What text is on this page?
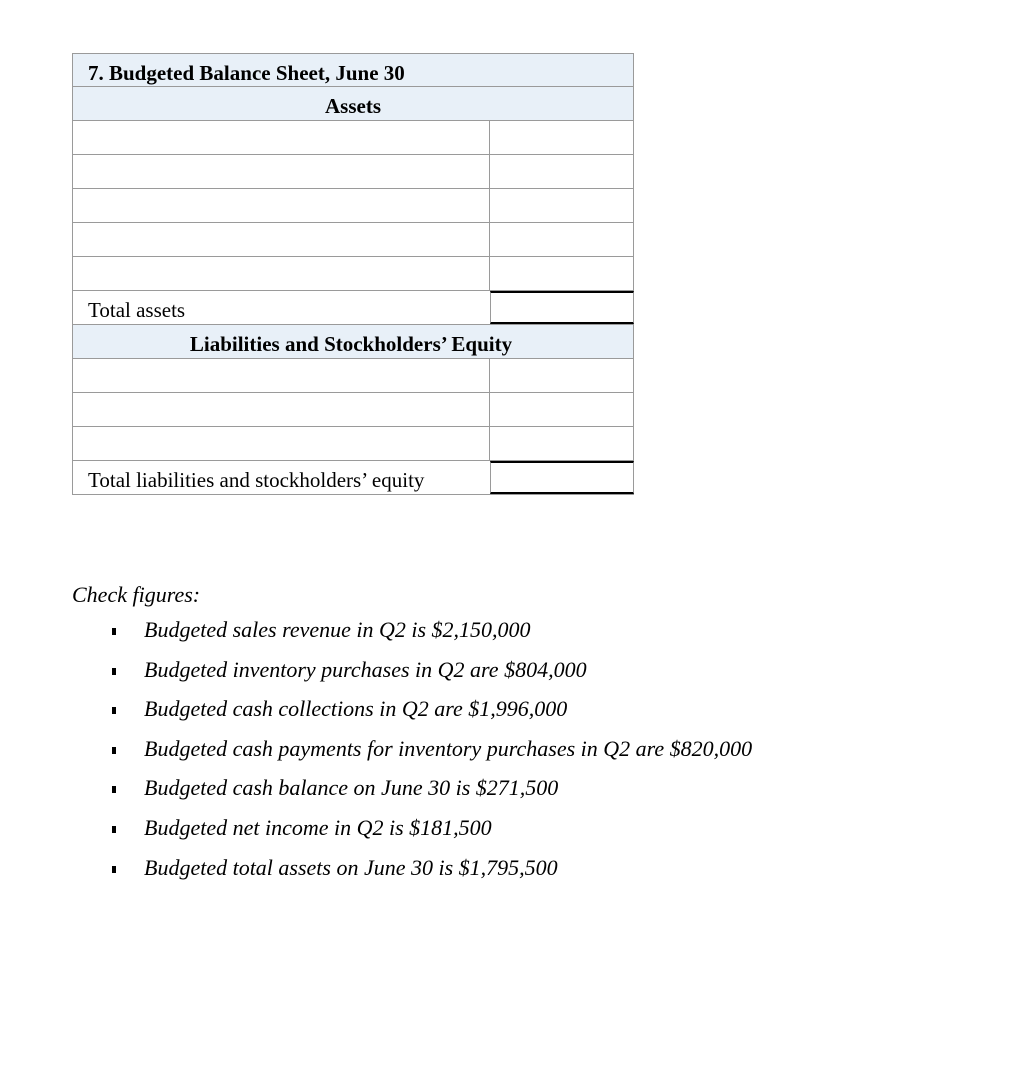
7. Budgeted Balance Sheet, June 30
Assets
Total assets
Liabilities and Stockholders’ Equity
Total liabilities and stockholders’ equity
Check figures:
Budgeted sales revenue in Q2 is $2,150,000
Budgeted inventory purchases in Q2 are $804,000
Budgeted cash collections in Q2 are $1,996,000
Budgeted cash payments for inventory purchases in Q2 are $820,000
Budgeted cash balance on June 30 is $271,500
Budgeted net income in Q2 is $181,500
Budgeted total assets on June 30 is $1,795,500
